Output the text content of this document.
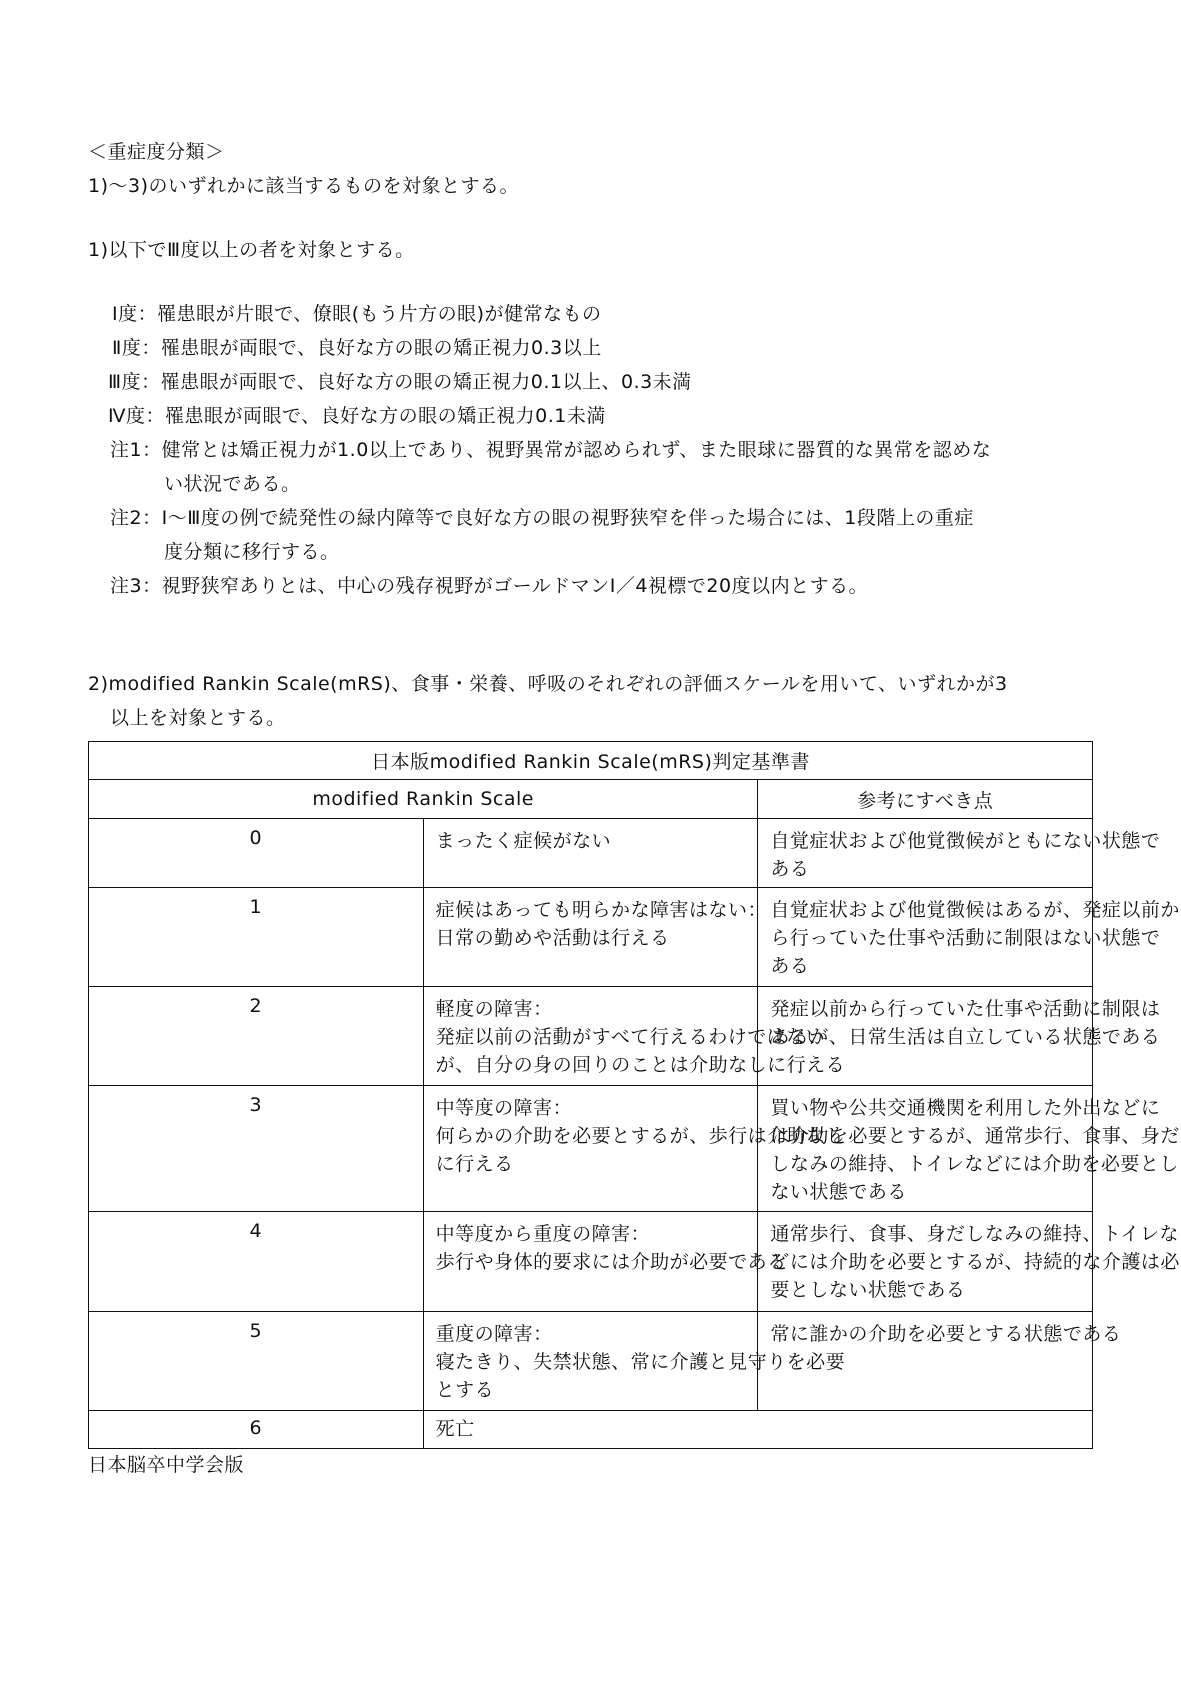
＜重症度分類＞
1)～3)のいずれかに該当するものを対象とする。
1)以下でⅢ度以上の者を対象とする。
Ⅰ度：罹患眼が片眼で、僚眼(もう片方の眼)が健常なもの
Ⅱ度：罹患眼が両眼で、良好な方の眼の矯正視力0.3以上
Ⅲ度：罹患眼が両眼で、良好な方の眼の矯正視力0.1以上、0.3未満
Ⅳ度：罹患眼が両眼で、良好な方の眼の矯正視力0.1未満
注1：健常とは矯正視力が1.0以上であり、視野異常が認められず、また眼球に器質的な異常を認めな
い状況である。
注2：Ⅰ～Ⅲ度の例で続発性の緑内障等で良好な方の眼の視野狭窄を伴った場合には、1段階上の重症
度分類に移行する。
注3：視野狭窄ありとは、中心の残存視野がゴールドマンI／4視標で20度以内とする。
2)modified Rankin Scale(mRS)、食事・栄養、呼吸のそれぞれの評価スケールを用いて、いずれかが3
以上を対象とする。
日本版modified Rankin Scale(mRS)判定基準書		
modified Rankin Scale		参考にすべき点
0	まったく症候がない	自覚症状および他覚徴候がともにない状態で
ある

1	症候はあっても明らかな障害はない：
日常の勤めや活動は行える	自覚症状および他覚徴候はあるが、発症以前か
ら行っていた仕事や活動に制限はない状態で
ある

2	軽度の障害：
発症以前の活動がすべて行えるわけではない
が、自分の身の回りのことは介助なしに行える	発症以前から行っていた仕事や活動に制限は
あるが、日常生活は自立している状態である

3	中等度の障害：
何らかの介助を必要とするが、歩行は介助なし
に行える	買い物や公共交通機関を利用した外出などに
は介助を必要とするが、通常歩行、食事、身だ
しなみの維持、トイレなどには介助を必要とし
ない状態である

4	中等度から重度の障害：
歩行や身体的要求には介助が必要である	通常歩行、食事、身だしなみの維持、トイレな
どには介助を必要とするが、持続的な介護は必
要としない状態である

5	重度の障害：
寝たきり、失禁状態、常に介護と見守りを必要
とする	常に誰かの介助を必要とする状態である

6	死亡	
日本脳卒中学会版
